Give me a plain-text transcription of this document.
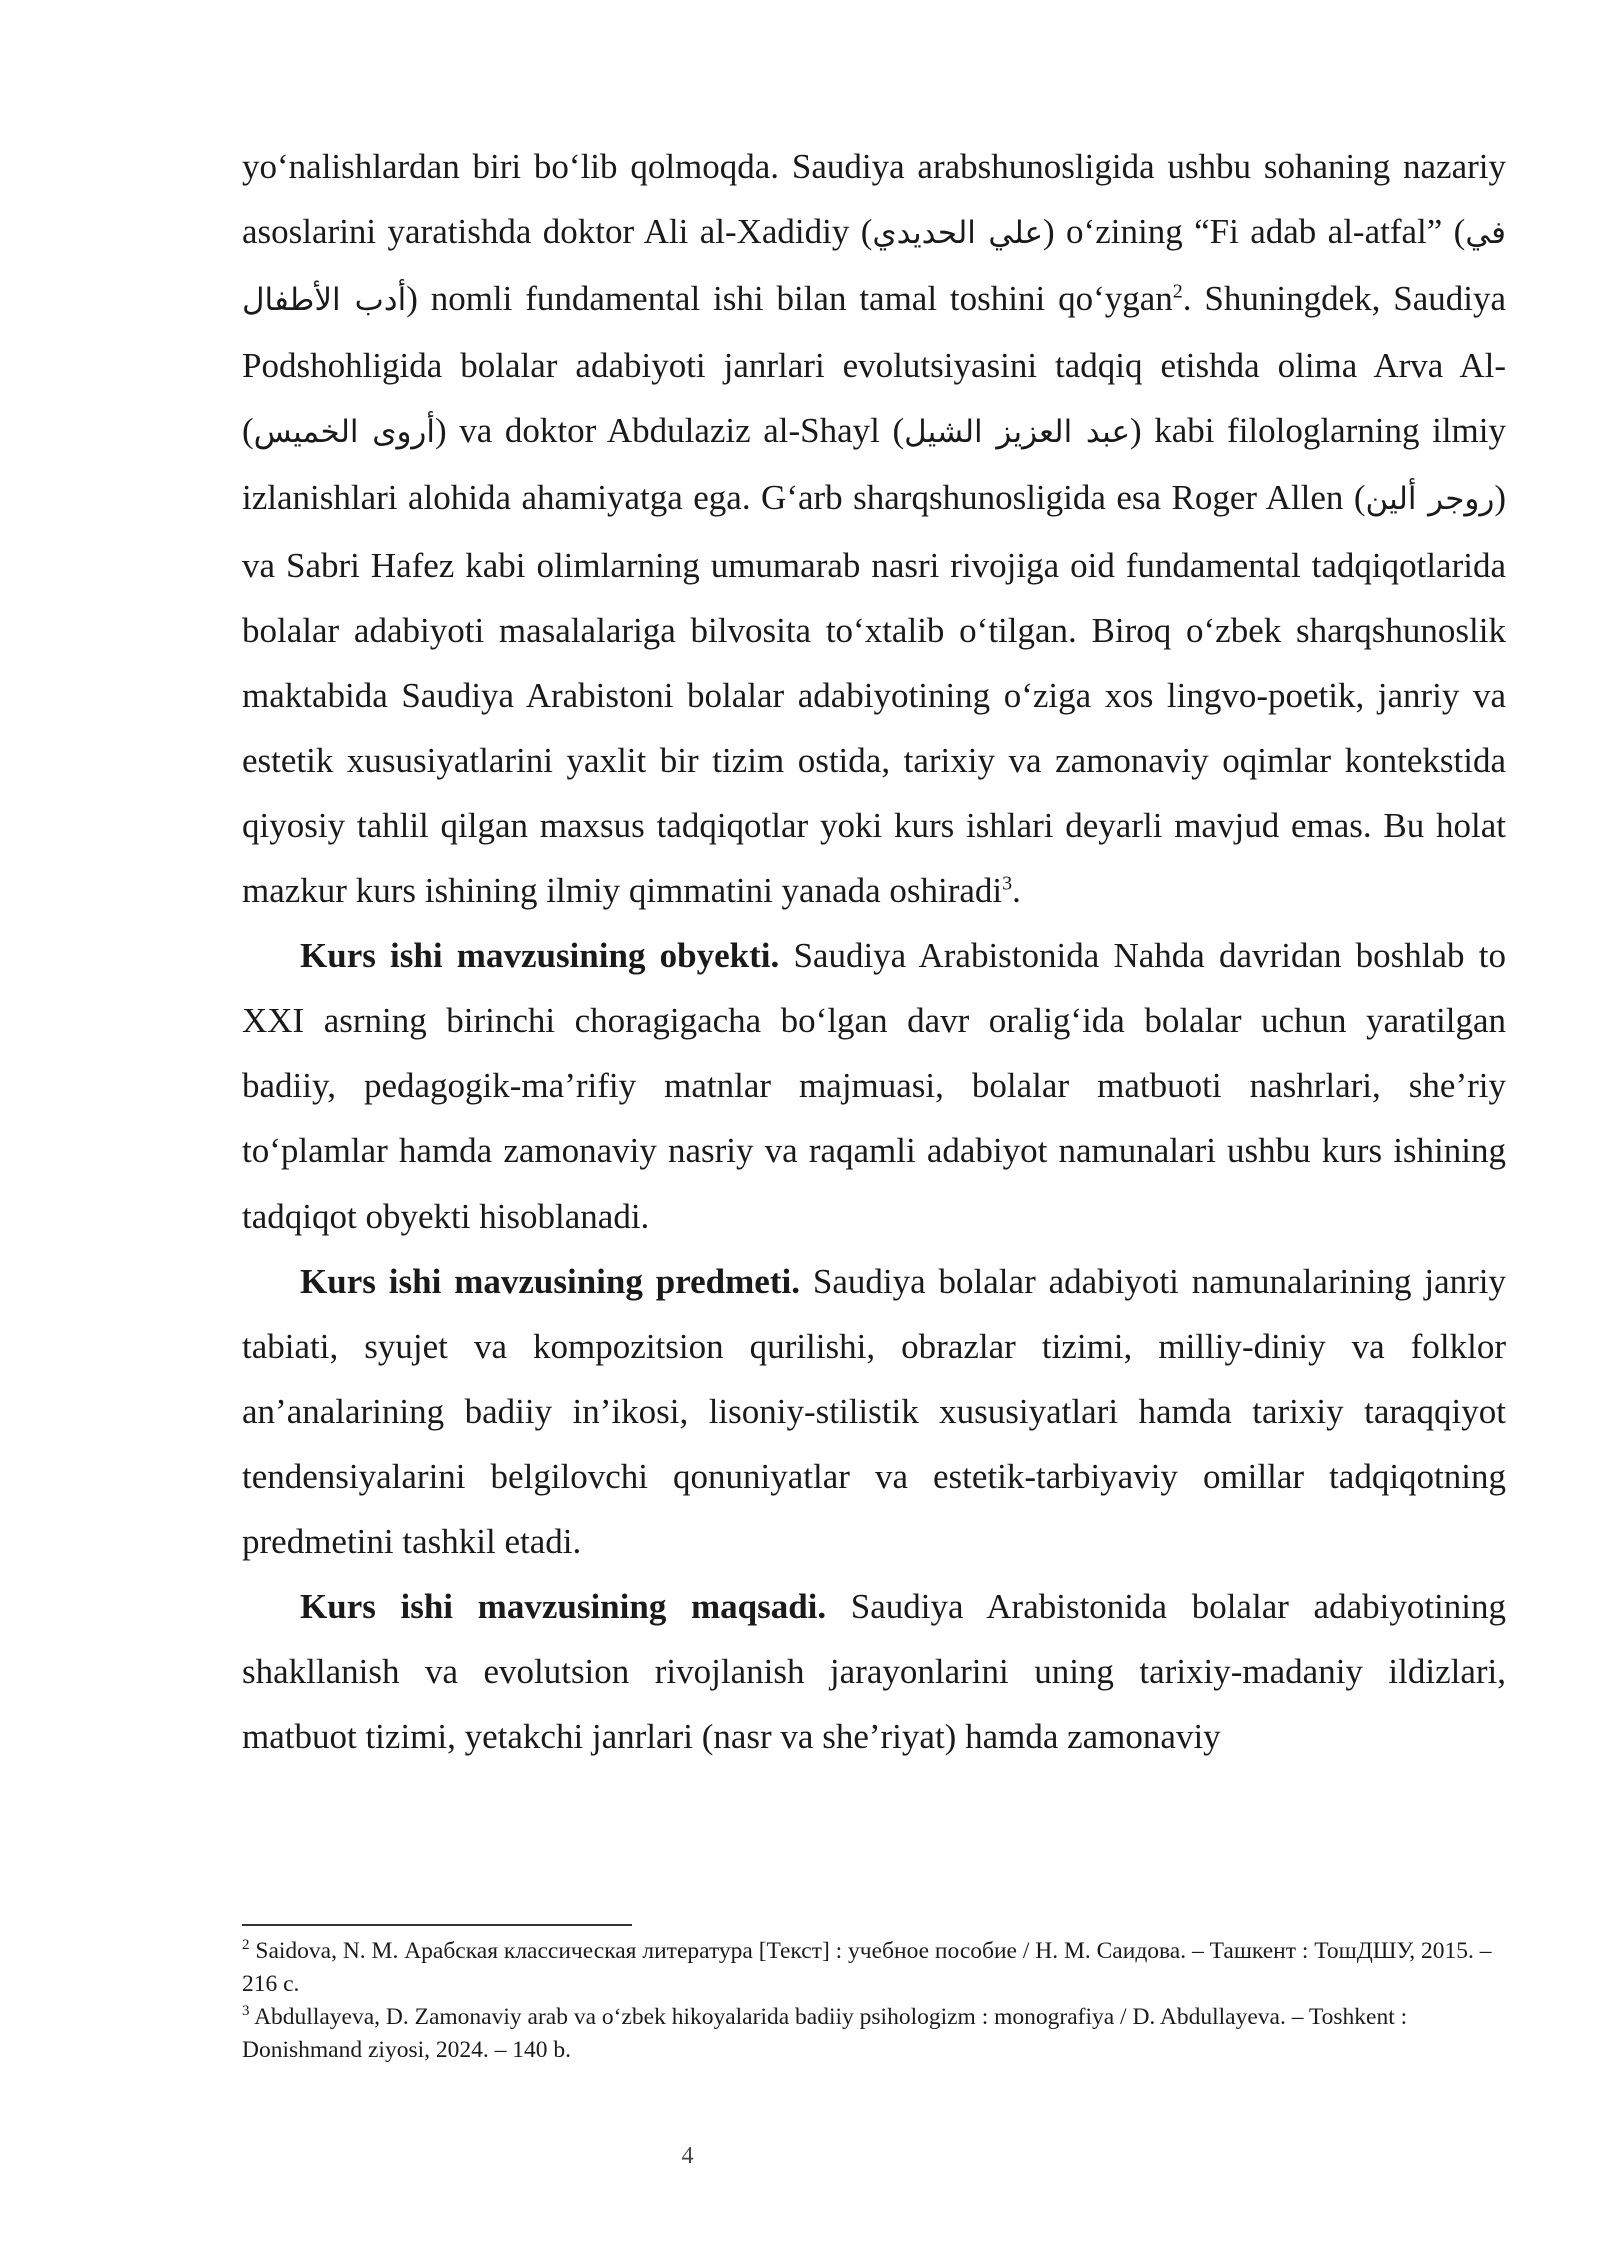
yo‘nalishlardan biri bo‘lib qolmoqda. Saudiya arabshunosligida ushbu sohaning nazariy asoslarini yaratishda doktor Ali al-Xadidiy (علي الحديدي) o‘zining “Fi adab al-atfal” (في أدب الأطفال) nomli fundamental ishi bilan tamal toshini qo‘ygan$^2$. Shuningdek, Saudiya Podshohligida bolalar adabiyoti janrlari evolutsiyasini tadqiq etishda olima Arva Al- (أروى الخميس) va doktor Abdulaziz al-Shayl (عبد العزيز الشيل) kabi filologlarning ilmiy izlanishlari alohida ahamiyatga ega. G‘arb sharqshunosligida esa Roger Allen (روجر ألين) va Sabri Hafez kabi olimlarning umumarab nasri rivojiga oid fundamental tadqiqotlarida bolalar adabiyoti masalalariga bilvosita to‘xtalib o‘tilgan. Biroq o‘zbek sharqshunoslik maktabida Saudiya Arabistoni bolalar adabiyotining o‘ziga xos lingvo-poetik, janriy va estetik xususiyatlarini yaxlit bir tizim ostida, tarixiy va zamonaviy oqimlar kontekstida qiyosiy tahlil qilgan maxsus tadqiqotlar yoki kurs ishlari deyarli mavjud emas. Bu holat mazkur kurs ishining ilmiy qimmatini yanada oshiradi$^3$.

Kurs ishi mavzusining obyekti. Saudiya Arabistonida Nahda davridan boshlab to XXI asrning birinchi choragigacha bo‘lgan davr oralig‘ida bolalar uchun yaratilgan badiiy, pedagogik-ma’rifiy matnlar majmuasi, bolalar matbuoti nashrlari, she’riy to‘plamlar hamda zamonaviy nasriy va raqamli adabiyot namunalari ushbu kurs ishining tadqiqot obyekti hisoblanadi.

Kurs ishi mavzusining predmeti. Saudiya bolalar adabiyoti namunalarining janriy tabiati, syujet va kompozitsion qurilishi, obrazlar tizimi, milliy-diniy va folklor an’analarining badiiy in’ikosi, lisoniy-stilistik xususiyatlari hamda tarixiy taraqqiyot tendensiyalarini belgilovchi qonuniyatlar va estetik-tarbiyaviy omillar tadqiqotning predmetini tashkil etadi.

Kurs ishi mavzusining maqsadi. Saudiya Arabistonida bolalar adabiyotining shakllanish va evolutsion rivojlanish jarayonlarini uning tarixiy-madaniy ildizlari, matbuot tizimi, yetakchi janrlari (nasr va she’riyat) hamda zamonaviy

$^2$ Saidova, N. M. Арабская классическая литература [Текст] : учебное пособие / Н. М. Саидова. – Ташкент : ТошДШУ, 2015. – 216 с.

$^3$ Abdullayeva, D. Zamonaviy arab va o‘zbek hikoyalarida badiiy psihologizm : monografiya / D. Abdullayeva. – Toshkent : Donishmand ziyosi, 2024. – 140 b.

4
